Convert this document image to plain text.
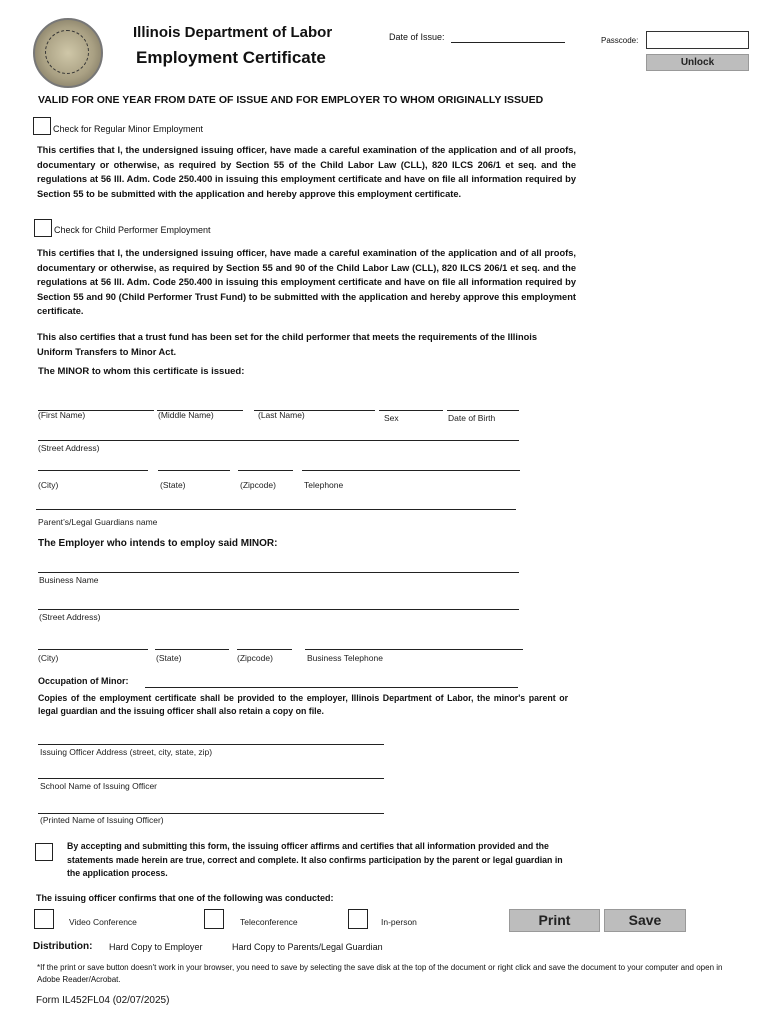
Illinois Department of Labor
Employment Certificate
Date of Issue:	Passcode:
Unlock
VALID FOR ONE YEAR FROM DATE OF ISSUE AND FOR EMPLOYER TO WHOM ORIGINALLY ISSUED
Check for Regular Minor Employment
This certifies that I, the undersigned issuing officer, have made a careful examination of the application and of all proofs, documentary or otherwise, as required by Section 55 of the Child Labor Law (CLL), 820 ILCS 206/1 et seq. and the regulations at 56 Ill. Adm. Code 250.400 in issuing this employment certificate and have on file all information required by Section 55 to be submitted with the application and hereby approve this employment certificate.
Check for Child Performer Employment
This certifies that I, the undersigned issuing officer, have made a careful examination of the application and of all proofs, documentary or otherwise, as required by Section 55 and 90 of the Child Labor Law (CLL), 820 ILCS 206/1 et seq. and the regulations at 56 Ill. Adm. Code 250.400 in issuing this employment certificate and have on file all information required by Section 55 and 90 (Child Performer Trust Fund) to be submitted with the application and hereby approve this employment certificate.
This also certifies that a trust fund has been set for the child performer that meets the requirements of the Illinois Uniform Transfers to Minor Act.
The MINOR to whom this certificate is issued:
(First Name)	(Middle Name)	(Last Name)	Sex	Date of Birth
(Street Address)
(City)	(State)	(Zipcode)	Telephone
Parent’s/Legal Guardians name
The Employer who intends to employ said MINOR:
Business Name
(Street Address)
(City)	(State)	(Zipcode)	Business Telephone
Occupation of Minor:
Copies of the employment certificate shall be provided to the employer, Illinois Department of Labor, the minor's parent or legal guardian and the issuing officer shall also retain a copy on file.
Issuing Officer Address (street, city, state, zip)
School Name of Issuing Officer
(Printed Name of Issuing Officer)
By accepting and submitting this form, the issuing officer affirms and certifies that all information provided and the statements made herein are true, correct and complete. It also confirms participation by the parent or legal guardian in the application process.
The issuing officer confirms that one of the following was conducted:
Video Conference	Teleconference	In-person	Print	Save
Distribution: Hard Copy to Employer	Hard Copy to Parents/Legal Guardian
*If the print or save button doesn't work in your browser, you need to save by selecting the save disk at the top of the document or right click and save the document to your computer and open in Adobe Reader/Acrobat.
Form IL452FL04 (02/07/2025)
